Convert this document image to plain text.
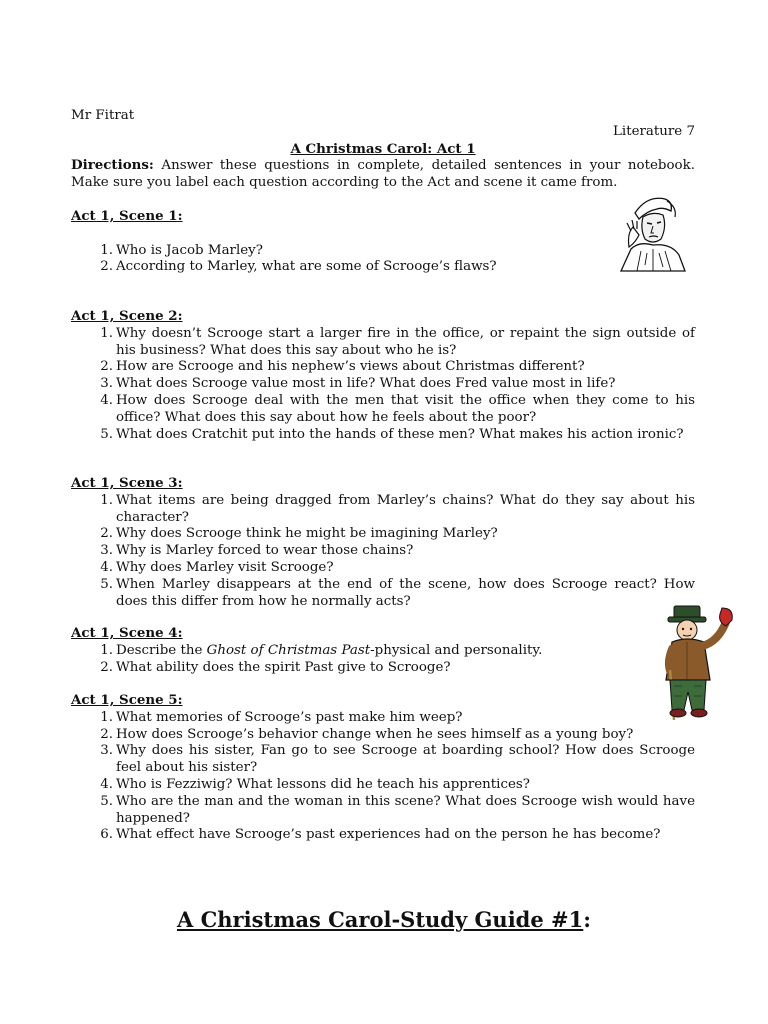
Mr Fitrat
Literature 7
A Christmas Carol: Act 1
Directions: Answer these questions in complete, detailed sentences in your notebook. Make sure you label each question according to the Act and scene it came from.
Act 1, Scene 1:
1. Who is Jacob Marley?
2. According to Marley, what are some of Scrooge’s flaws?
Act 1, Scene 2:
1. Why doesn’t Scrooge start a larger fire in the office, or repaint the sign outside of his business? What does this say about who he is?
2. How are Scrooge and his nephew’s views about Christmas different?
3. What does Scrooge value most in life? What does Fred value most in life?
4. How does Scrooge deal with the men that visit the office when they come to his office? What does this say about how he feels about the poor?
5. What does Cratchit put into the hands of these men? What makes his action ironic?
Act 1, Scene 3:
1. What items are being dragged from Marley’s chains? What do they say about his character?
2. Why does Scrooge think he might be imagining Marley?
3. Why is Marley forced to wear those chains?
4. Why does Marley visit Scrooge?
5. When Marley disappears at the end of the scene, how does Scrooge react? How does this differ from how he normally acts?
Act 1, Scene 4:
1. Describe the Ghost of Christmas Past-physical and personality.
2. What ability does the spirit Past give to Scrooge?
Act 1, Scene 5:
1. What memories of Scrooge’s past make him weep?
2. How does Scrooge’s behavior change when he sees himself as a young boy?
3. Why does his sister, Fan go to see Scrooge at boarding school? How does Scrooge feel about his sister?
4. Who is Fezziwig? What lessons did he teach his apprentices?
5. Who are the man and the woman in this scene? What does Scrooge wish would have happened?
6. What effect have Scrooge’s past experiences had on the person he has become?
A Christmas Carol-Study Guide #1:
